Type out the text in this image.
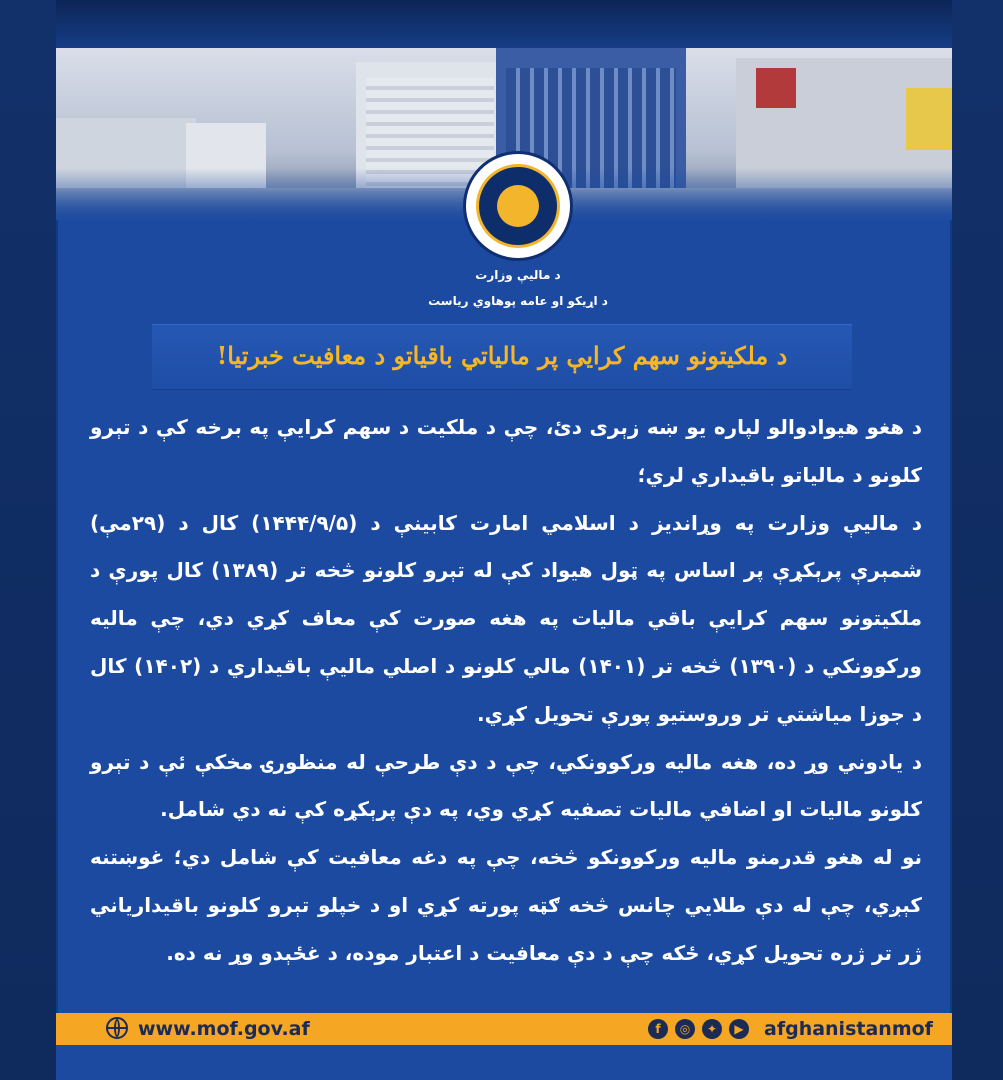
د مالیې وزارت
د اړیکو او عامه پوهاوي ریاست
د ملکیتونو سهم کرایې پر مالیاتي باقیاتو د معافیت خبرتیا!

د هغو هیوادوالو لپاره یو ښه زېری دئ، چې د ملکیت د سهم کرایې په برخه کې د تېرو کلونو د مالیاتو باقیداري لري؛

د مالیې وزارت په وړاندیز د اسلامي امارت کابینې د (۱۴۴۴/۹/۵) کال د (۲۹مې) شمېرې پرېکړې پر اساس په ټول هیواد کې له تېرو کلونو څخه تر (۱۳۸۹) کال پورې د ملکیتونو سهم کرایې باقي مالیات په هغه صورت کې معاف کړي دي، چې مالیه ورکوونکي د (۱۳۹۰) څخه تر (۱۴۰۱) مالي کلونو د اصلي مالیې باقیداري د (۱۴۰۲) کال د جوزا میاشتي تر وروستیو پورې تحویل کړي.

د یادوني وړ ده، هغه مالیه ورکوونکي، چې د دې طرحې له منظورۍ مخکې ئې د تېرو کلونو مالیات او اضافي مالیات تصفیه کړي وي، په دې پرېکړه کې نه دي شامل.

نو له هغو قدرمنو مالیه ورکوونکو څخه، چې په دغه معافیت کې شامل دي؛ غوښتنه کېږي، چې له دې طلایي چانس څخه ګټه پورته کړي او د خپلو تېرو کلونو باقیداریاني ژر تر ژره تحویل کړي، ځکه چې د دې معافیت د اعتبار موده، د غځېدو وړ نه ده.

www.mof.gov.af	f	◎	✦	▶ afghanistanmof
